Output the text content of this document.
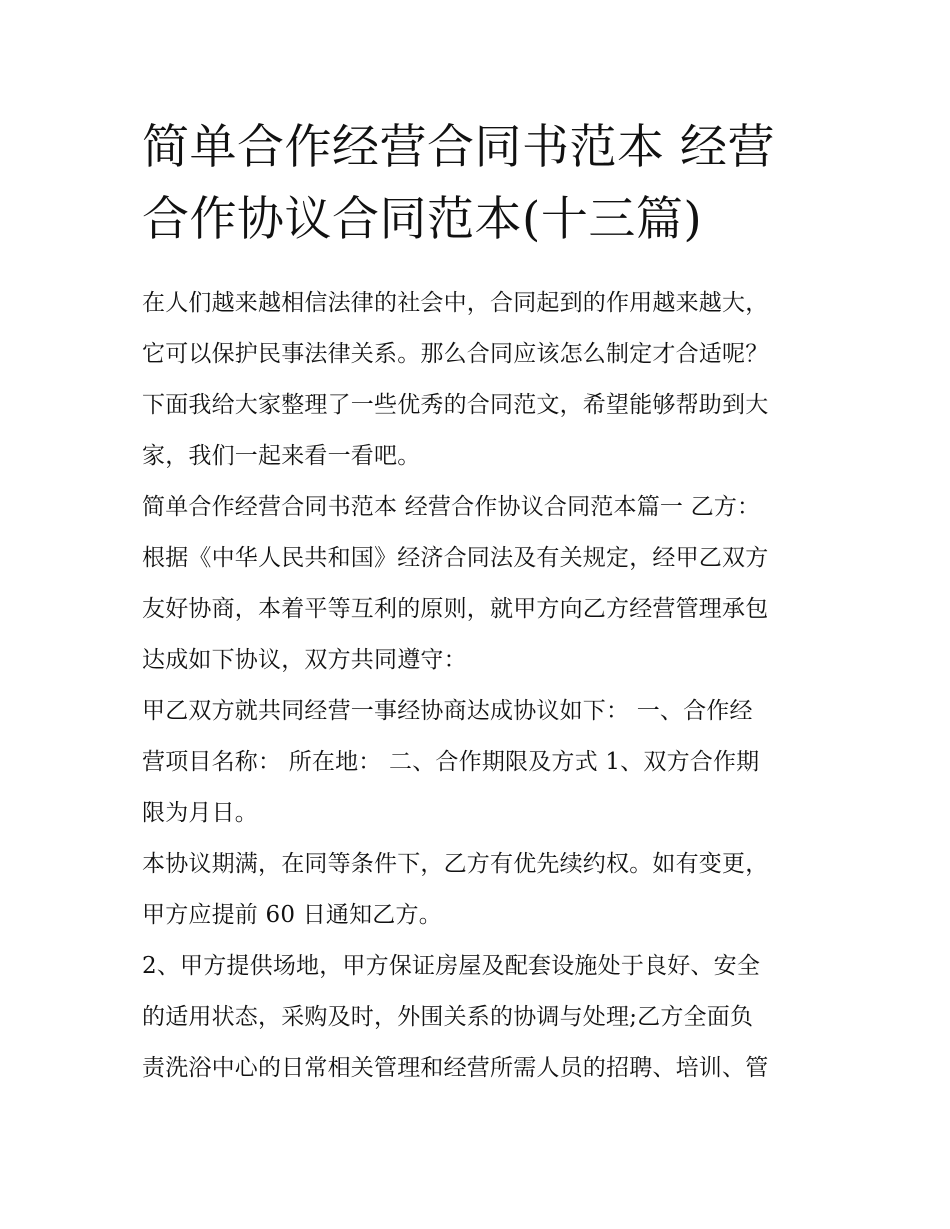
简单合作经营合同书范本 经营
合作协议合同范本(十三篇)

在人们越来越相信法律的社会中，合同起到的作用越来越大，
它可以保护民事法律关系。那么合同应该怎么制定才合适呢？
下面我给大家整理了一些优秀的合同范文，希望能够帮助到大
家，我们一起来看一看吧。

简单合作经营合同书范本 经营合作协议合同范本篇一 乙方：
根据《中华人民共和国》经济合同法及有关规定，经甲乙双方
友好协商，本着平等互利的原则，就甲方向乙方经营管理承包
达成如下协议，双方共同遵守：

甲乙双方就共同经营一事经协商达成协议如下： 一、合作经
营项目名称： 所在地： 二、合作期限及方式 1、双方合作期
限为月日。

本协议期满，在同等条件下，乙方有优先续约权。如有变更，
甲方应提前 60 日通知乙方。

2、甲方提供场地，甲方保证房屋及配套设施处于良好、安全
的适用状态，采购及时，外围关系的协调与处理;乙方全面负
责洗浴中心的日常相关管理和经营所需人员的招聘、培训、管
